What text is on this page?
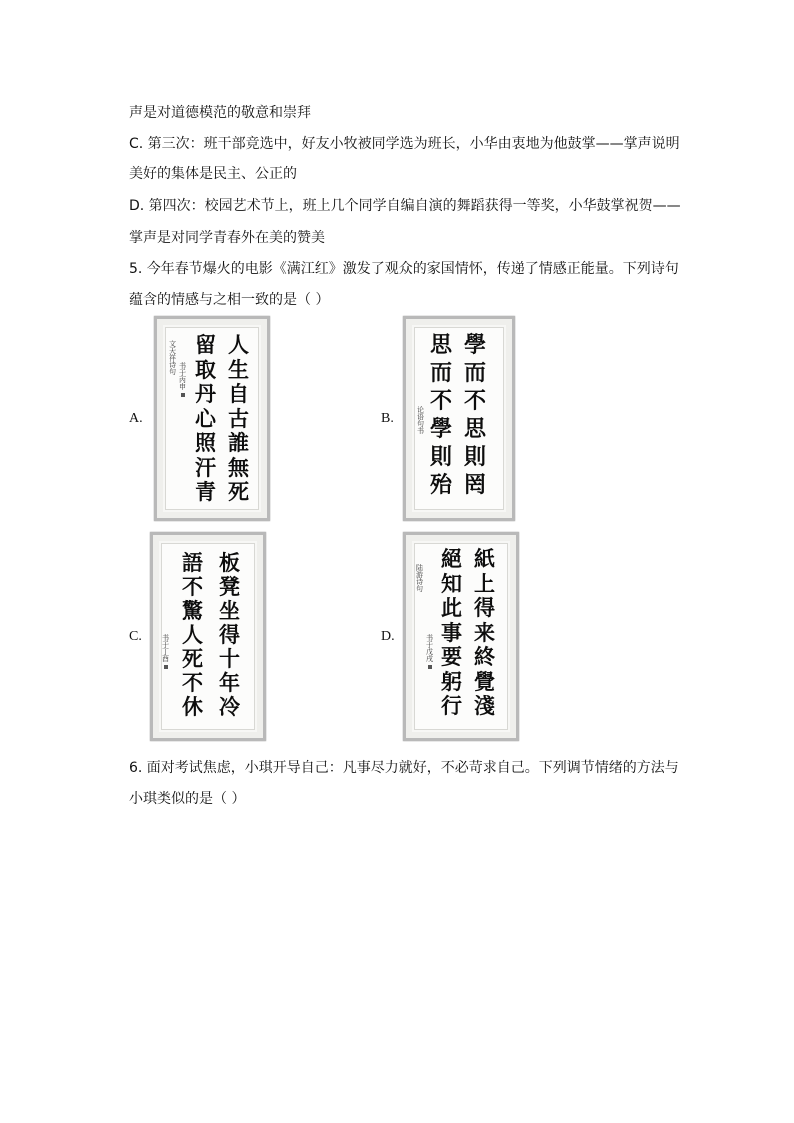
声是对道德模范的敬意和崇拜
C. 第三次：班干部竞选中，好友小牧被同学选为班长，小华由衷地为他鼓掌——掌声说明
美好的集体是民主、公正的
D. 第四次：校园艺术节上，班上几个同学自编自演的舞蹈获得一等奖，小华鼓掌祝贺——
掌声是对同学青春外在美的赞美
5. 今年春节爆火的电影《满江红》激发了观众的家国情怀，传递了情感正能量。下列诗句
蕴含的情感与之相一致的是（ ）
A.
人
生
自
古
誰
無
死
留
取
丹
心
照
汗
青
文
天
祥
诗
句
书
于
丙
申
B.
學
而
不
思
則
罔
思
而
不
學
則
殆
论
语
句
书
C.
板
凳
坐
得
十
年
冷
語
不
驚
人
死
不
休
书
于
丁
酉
D.
紙
上
得
来
終
覺
淺
絕
知
此
事
要
躬
行
陆
游
诗
句
书
于
戊
戌
6. 面对考试焦虑，小琪开导自己：凡事尽力就好，不必苛求自己。下列调节情绪的方法与
小琪类似的是（ ）
